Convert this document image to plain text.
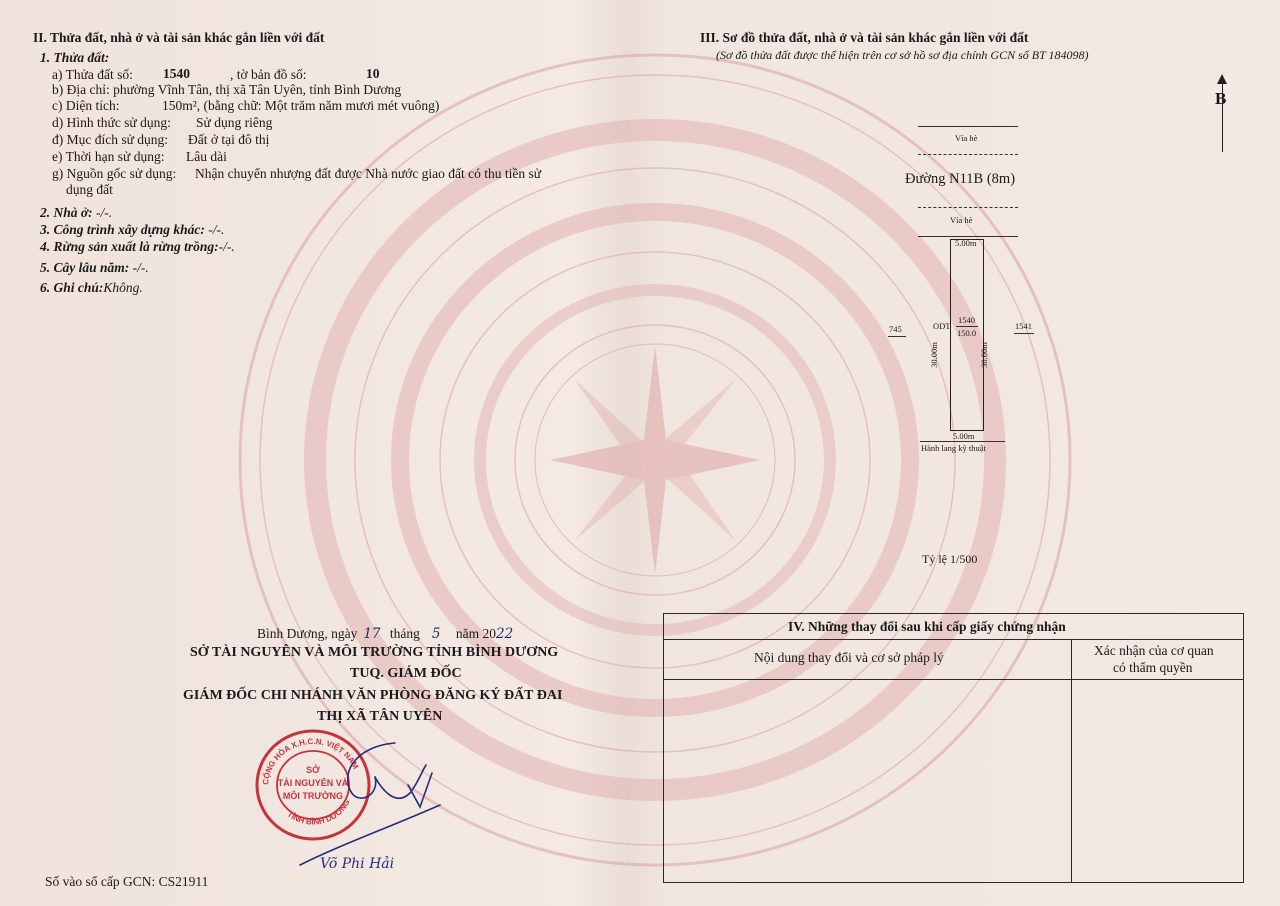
II. Thửa đất, nhà ở và tài sản khác gắn liền với đất
1. Thửa đất:
a) Thửa đất số: 1540	, tờ bản đồ số:	10
b) Địa chỉ: phường Vĩnh Tân, thị xã Tân Uyên, tỉnh Bình Dương
c) Diện tích:	150m², (bằng chữ: Một trăm năm mươi mét vuông)
d) Hình thức sử dụng: Sử dụng riêng
đ) Mục đích sử dụng: Đất ở tại đô thị
e) Thời hạn sử dụng: Lâu dài
g) Nguồn gốc sử dụng: Nhận chuyển nhượng đất được Nhà nước giao đất có thu tiền sử
dụng đất
2. Nhà ở: -/-.
3. Công trình xây dựng khác: -/-.
4. Rừng sản xuất là rừng trồng:-/-.
5. Cây lâu năm: -/-.
6. Ghi chú:Không.
Bình Dương, ngày 17 tháng 5 năm 2022
SỞ TÀI NGUYÊN VÀ MÔI TRƯỜNG TỈNH BÌNH DƯƠNG
TUQ. GIÁM ĐỐC
GIÁM ĐỐC CHI NHÁNH VĂN PHÒNG ĐĂNG KÝ ĐẤT ĐAI
THỊ XÃ TÂN UYÊN
CỘNG HÒA X.H.C.N. VIỆT NAM
TỈNH BÌNH DƯƠNG
SỞ
TÀI NGUYÊN VÀ
MÔI TRƯỜNG
Võ Phi Hải
Số vào sổ cấp GCN: CS21911
III. Sơ đồ thửa đất, nhà ở và tài sản khác gắn liền với đất
(Sơ đồ thửa đất được thể hiện trên cơ sở hồ sơ địa chính GCN số BT 184098)
B
Vỉa hè
Đường N11B (8m)
Vỉa hè
5.00m
5.00m
30.00m	30.00m
ODT
1540
150.0
745	1541
Hành lang kỹ thuật
Tỷ lệ 1/500
IV. Những thay đổi sau khi cấp giấy chứng nhận
Nội dung thay đổi và cơ sở pháp lý	Xác nhận của cơ quan
có thẩm quyền
